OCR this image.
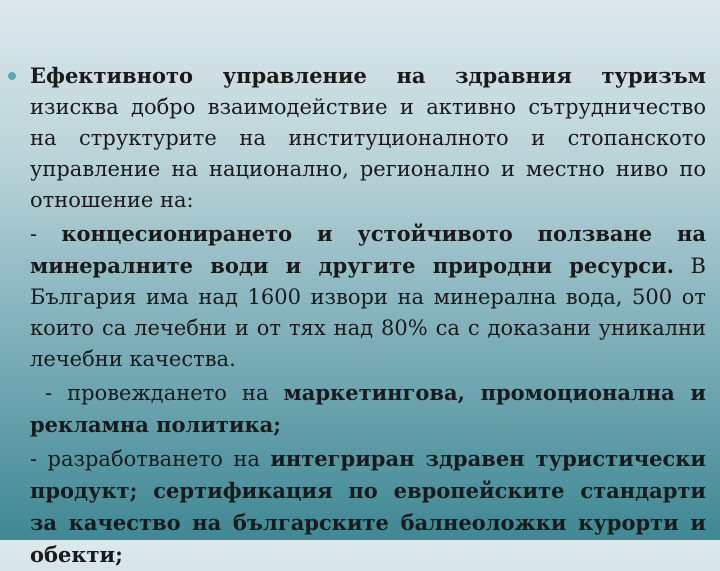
Ефективното управление на здравния туризъм изисква добро взаимодействие и активно сътрудничество на структурите на институционалното и стопанското управление на национално, регионално и местно ниво по отношение на:

- концесионирането и устойчивото ползване на минералните води и другите природни ресурси. В България има над 1600 извори на минерална вода, 500 от които са лечебни и от тях над 80% са с доказани уникални лечебни качества.

- провеждането на маркетингова, промоционална и рекламна политика;

- разработването на интегриран здравен туристически продукт; сертификация по европейските стандарти за качество на българските балнеоложки курорти и обекти;
